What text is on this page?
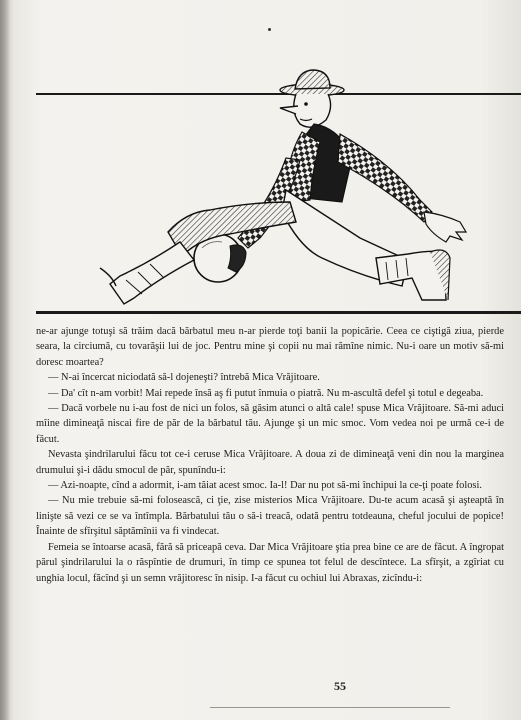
ne-ar ajunge totuşi să trăim dacă bărbatul meu n-ar pierde toţi banii la popicărie. Ceea ce ciştigă ziua, pierde seara, la circiumă, cu tovarăşii lui de joc. Pentru mine şi copii nu mai rămîne nimic. Nu-i oare un motiv să-mi doresc moartea?

— N-ai încercat niciodată să-l dojeneşti? întrebă Mica Vrăjitoare.

— Da' cît n-am vorbit! Mai repede însă aş fi putut înmuia o piatră. Nu m-ascultă defel şi totul e degeaba.

— Dacă vorbele nu i-au fost de nici un folos, să găsim atunci o altă cale! spuse Mica Vrăjitoare. Să-mi aduci mîine dimineaţă niscai fire de păr de la bărbatul tău. Ajunge şi un mic smoc. Vom vedea noi pe urmă ce-i de făcut.

Nevasta şindrilarului făcu tot ce-i ceruse Mica Vrăjitoare. A doua zi de dimineaţă veni din nou la marginea drumului şi-i dădu smocul de păr, spunîndu-i:

— Azi-noapte, cînd a adormit, i-am tăiat acest smoc. Ia-l! Dar nu pot să-mi închipui la ce-ţi poate folosi.

— Nu mie trebuie să-mi folosească, ci ţie, zise misterios Mica Vrăjitoare. Du-te acum acasă şi aşteaptă în linişte să vezi ce se va întîmpla. Bărbatului tău o să-i treacă, odată pentru totdeauna, cheful jocului de popice! Înainte de sfîrşitul săptămînii va fi vindecat.

Femeia se întoarse acasă, fără să priceapă ceva. Dar Mica Vrăjitoare ştia prea bine ce are de făcut. A îngropat părul şindrilarului la o răspîntie de drumuri, în timp ce spunea tot felul de descîntece. La sfîrşit, a zgîriat cu unghia locul, făcînd şi un semn vrăjitoresc în nisip. I-a făcut cu ochiul lui Abraxas, zicîndu-i:

55
